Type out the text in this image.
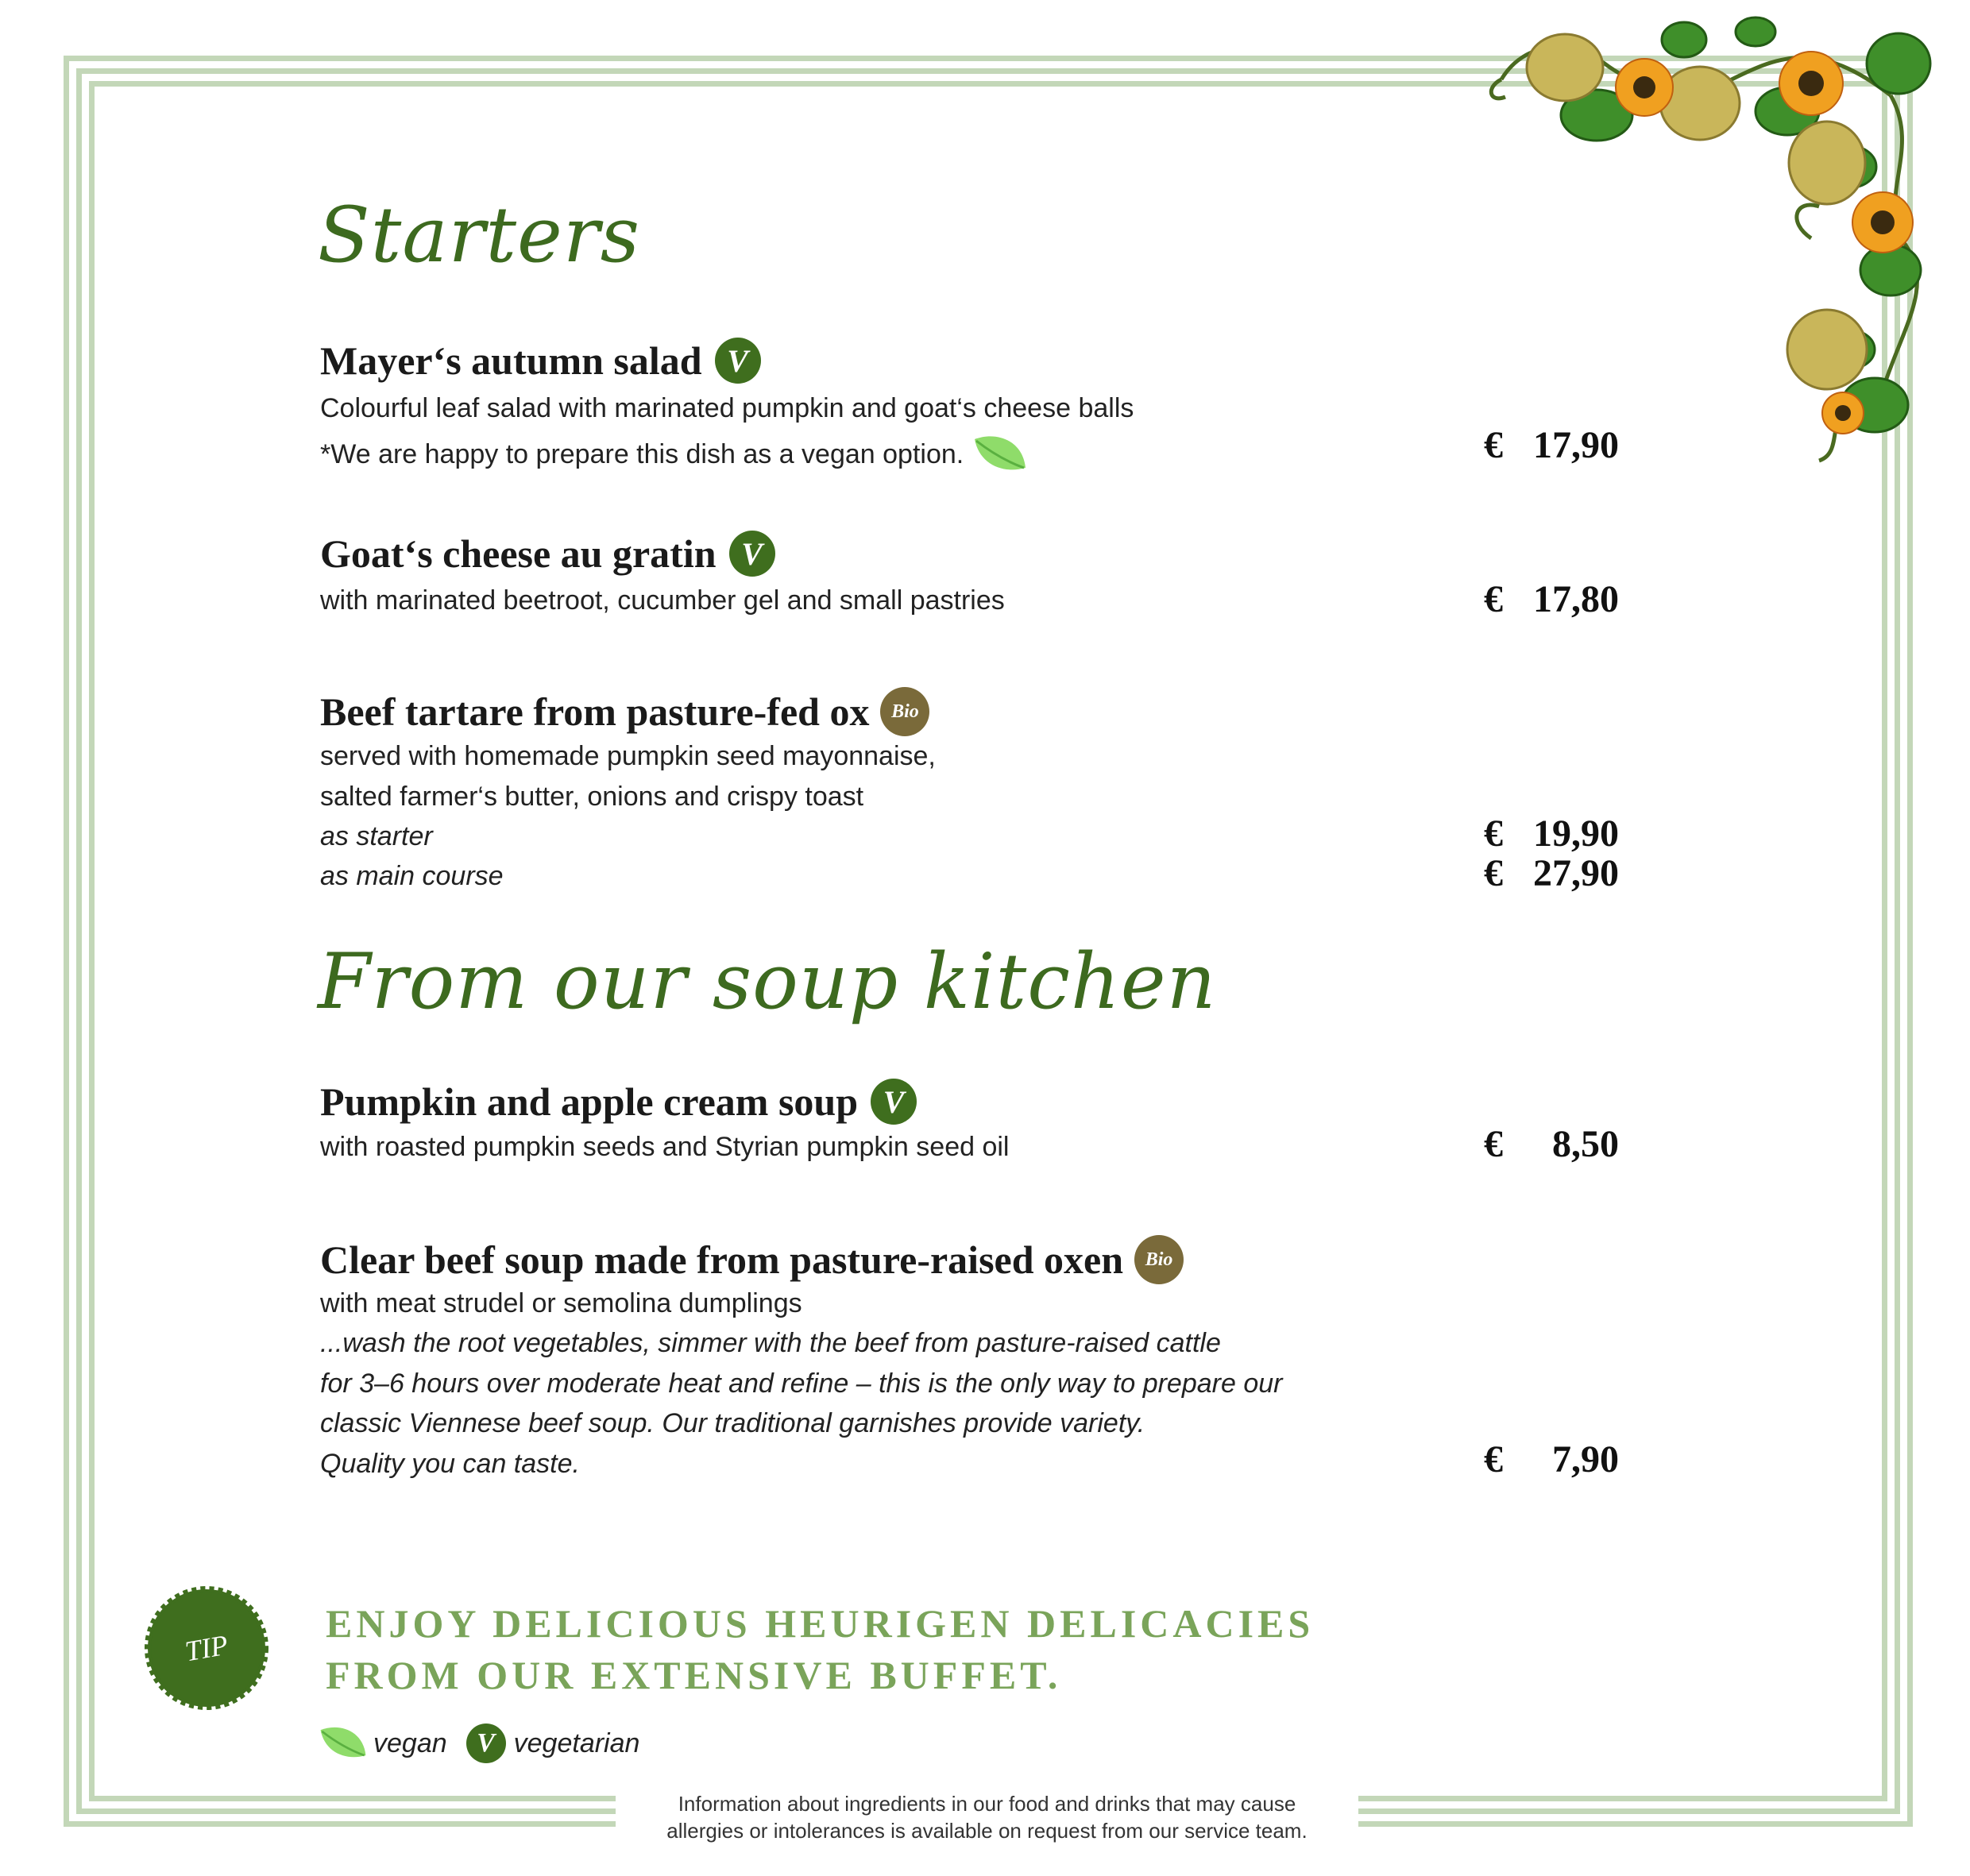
Starters
Mayer‘s autumn salad V
Colourful leaf salad with marinated pumpkin and goat‘s cheese balls
*We are happy to prepare this dish as a vegan option.	€ 17,90
Goat‘s cheese au gratin V
with marinated beetroot, cucumber gel and small pastries	€ 17,80
Beef tartare from pasture-fed ox	Bio
served with homemade pumpkin seed mayonnaise,
salted farmer‘s butter, onions and crispy toast
as starter	€ 19,90
as main course	€ 27,90
From our soup kitchen
Pumpkin and apple cream soup V
with roasted pumpkin seeds and Styrian pumpkin seed oil	€ 8,50
Clear beef soup made from pasture-raised oxen	Bio
with meat strudel or semolina dumplings
...wash the root vegetables, simmer with the beef from pasture-raised cattle
for 3–6 hours over moderate heat and refine – this is the only way to prepare our
classic Viennese beef soup. Our traditional garnishes provide variety.
Quality you can taste.	€ 7,90
TIP
ENJOY DELICIOUS HEURIGEN DELICACIES
FROM OUR EXTENSIVE BUFFET.
vegan	V vegetarian
Information about ingredients in our food and drinks that may cause
allergies or intolerances is available on request from our service team.
